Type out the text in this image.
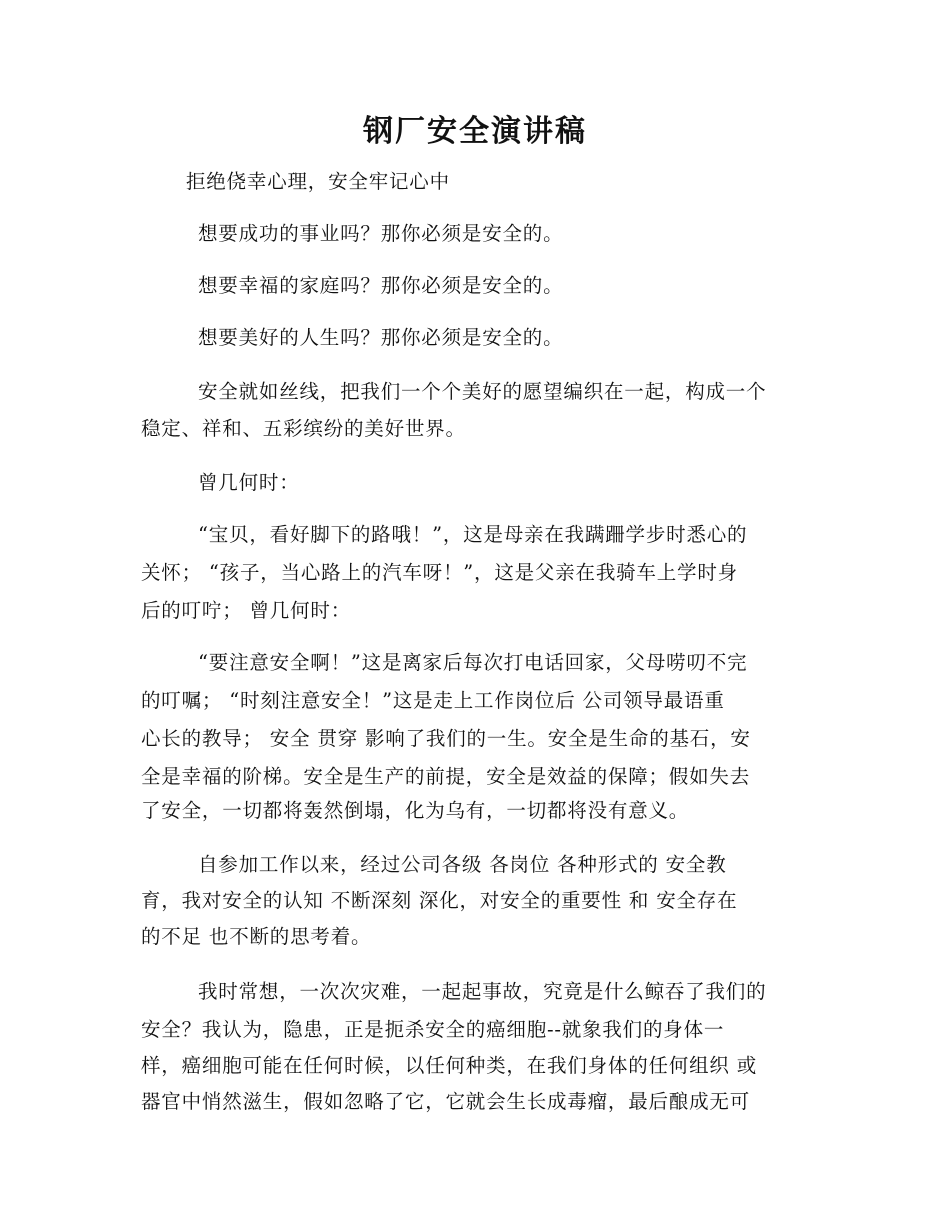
钢厂安全演讲稿
拒绝侥幸心理，安全牢记心中
想要成功的事业吗？那你必须是安全的。
想要幸福的家庭吗？那你必须是安全的。
想要美好的人生吗？那你必须是安全的。
安全就如丝线，把我们一个个美好的愿望编织在一起，构成一个
稳定、祥和、五彩缤纷的美好世界。
曾几何时：
“宝贝，看好脚下的路哦！”，这是母亲在我蹒跚学步时悉心的
关怀； “孩子，当心路上的汽车呀！”，这是父亲在我骑车上学时身
后的叮咛； 曾几何时：
“要注意安全啊！”这是离家后每次打电话回家，父母唠叨不完
的叮嘱； “时刻注意安全！”这是走上工作岗位后 公司领导最语重
心长的教导； 安全 贯穿 影响了我们的一生。安全是生命的基石，安
全是幸福的阶梯。安全是生产的前提，安全是效益的保障；假如失去
了安全，一切都将轰然倒塌，化为乌有，一切都将没有意义。
自参加工作以来，经过公司各级 各岗位 各种形式的 安全教
育，我对安全的认知 不断深刻 深化，对安全的重要性 和 安全存在
的不足 也不断的思考着。
我时常想，一次次灾难，一起起事故，究竟是什么鲸吞了我们的
安全？我认为，隐患，正是扼杀安全的癌细胞--就象我们的身体一
样，癌细胞可能在任何时候，以任何种类，在我们身体的任何组织 或
器官中悄然滋生，假如忽略了它，它就会生长成毒瘤，最后酿成无可
